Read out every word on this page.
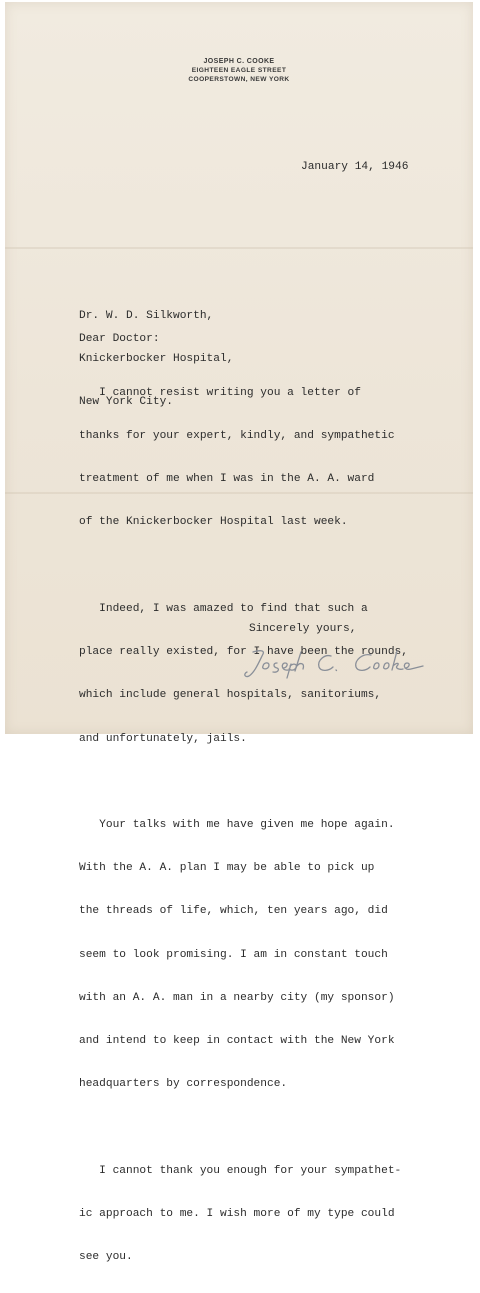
JOSEPH C. COOKE
EIGHTEEN EAGLE STREET
COOPERSTOWN, NEW YORK
January 14, 1946

Dr. W. D. Silkworth,

Knickerbocker Hospital,

New York City.

Dear Doctor:

I cannot resist writing you a letter of

thanks for your expert, kindly, and sympathetic

treatment of me when I was in the A. A. ward

of the Knickerbocker Hospital last week.

Indeed, I was amazed to find that such a

place really existed, for I have been the rounds,

which include general hospitals, sanitoriums,

and unfortunately, jails.

Your talks with me have given me hope again.

With the A. A. plan I may be able to pick up

the threads of life, which, ten years ago, did

seem to look promising. I am in constant touch

with an A. A. man in a nearby city (my sponsor)

and intend to keep in contact with the New York

headquarters by correspondence.

I cannot thank you enough for your sympathet-

ic approach to me. I wish more of my type could

see you.

Sincerely yours,
